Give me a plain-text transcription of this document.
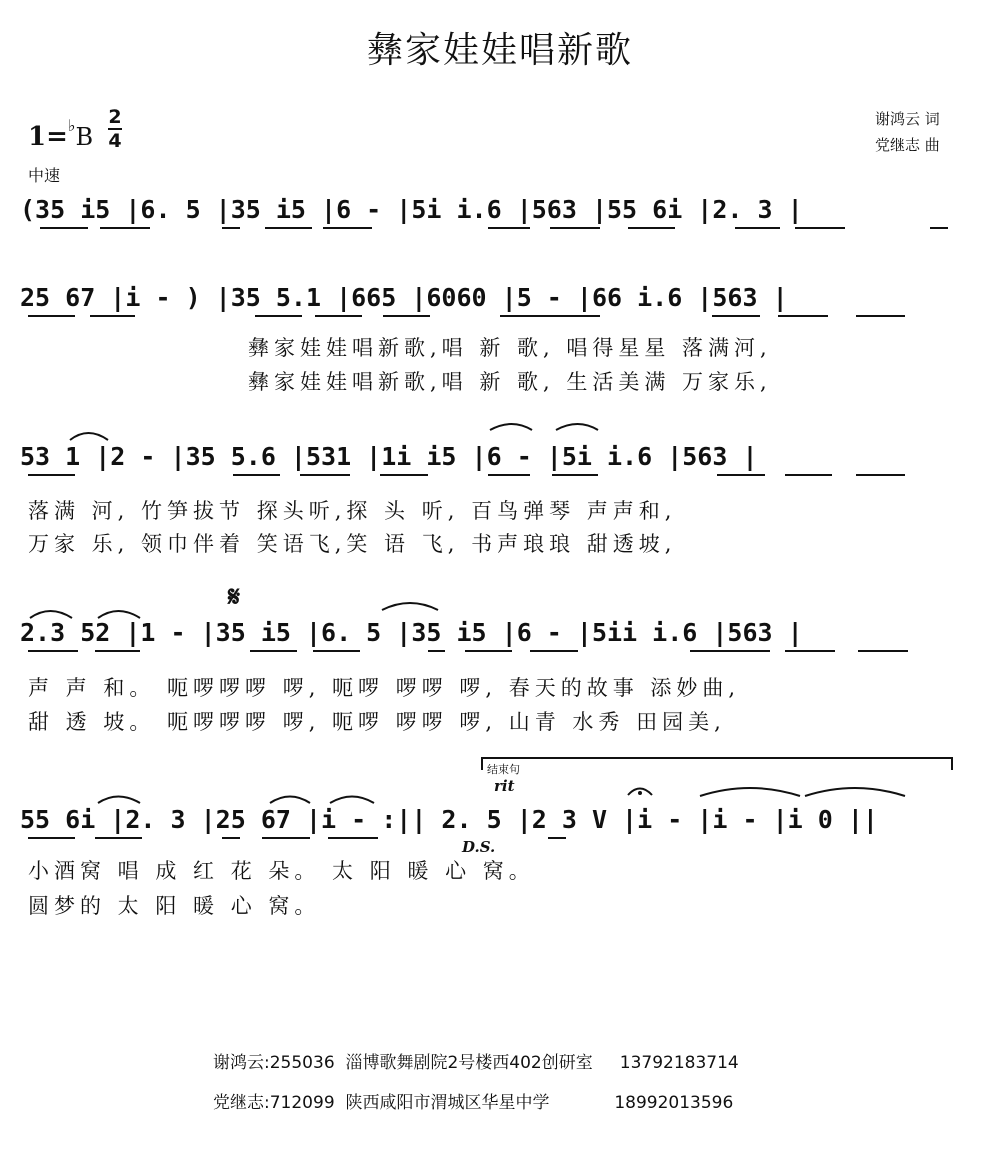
彝家娃娃唱新歌
1=♭B
2
4
谢鸿云 词
党继志 曲
中速
(35 i5 |6. 5 |35 i5 |6 - |5i i.6 |563 |55 6i |2. 3 |
25 67 |i - ) |35 5.1 |665 |6060 |5 - |66 i.6 |563 |
彝家娃娃唱新歌,唱 新 歌, 唱得星星 落满河,
彝家娃娃唱新歌,唱 新 歌, 生活美满 万家乐,
53 1 |2 - |35 5.6 |531 |1i i5 |6 - |5i i.6 |563 |
落满 河, 竹笋拔节 探头听,探 头 听, 百鸟弹琴 声声和,
万家 乐, 领巾伴着 笑语飞,笑 语 飞, 书声琅琅 甜透坡,
𝄋
2.3 52 |1 - |35 i5 |6. 5 |35 i5 |6 - |5ii i.6 |563 |
声 声 和。 呃啰啰啰 啰, 呃啰 啰啰 啰, 春天的故事 添妙曲,
甜 透 坡。 呃啰啰啰 啰, 呃啰 啰啰 啰, 山青 水秀 田园美,
结束句
rit
D.S.
55 6i |2. 3 |25 67 |i - :|| 2. 5 |2 3 V |i - |i - |i 0 ||
小酒窝 唱 成 红 花 朵。 太 阳 暖 心 窝。
圆梦的 太 阳 暖 心 窝。
谢鸿云:255036 淄博歌舞剧院2号楼西402创研室 13792183714
党继志:712099 陕西咸阳市渭城区华星中学	18992013596
